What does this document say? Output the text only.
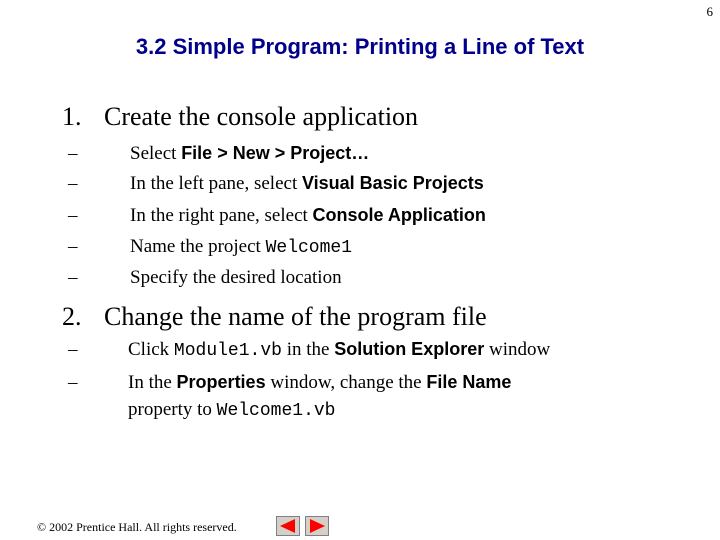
6
3.2 Simple Program: Printing a Line of Text
1. Create the console application
–	Select File > New > Project…
–	In the left pane, select Visual Basic Projects
–	In the right pane, select Console Application
–	Name the project Welcome1
–	Specify the desired location
2. Change the name of the program file
–	Click Module1.vb in the Solution Explorer window
–	In the Properties window, change the File Name
property to Welcome1.vb
© 2002 Prentice Hall. All rights reserved.
